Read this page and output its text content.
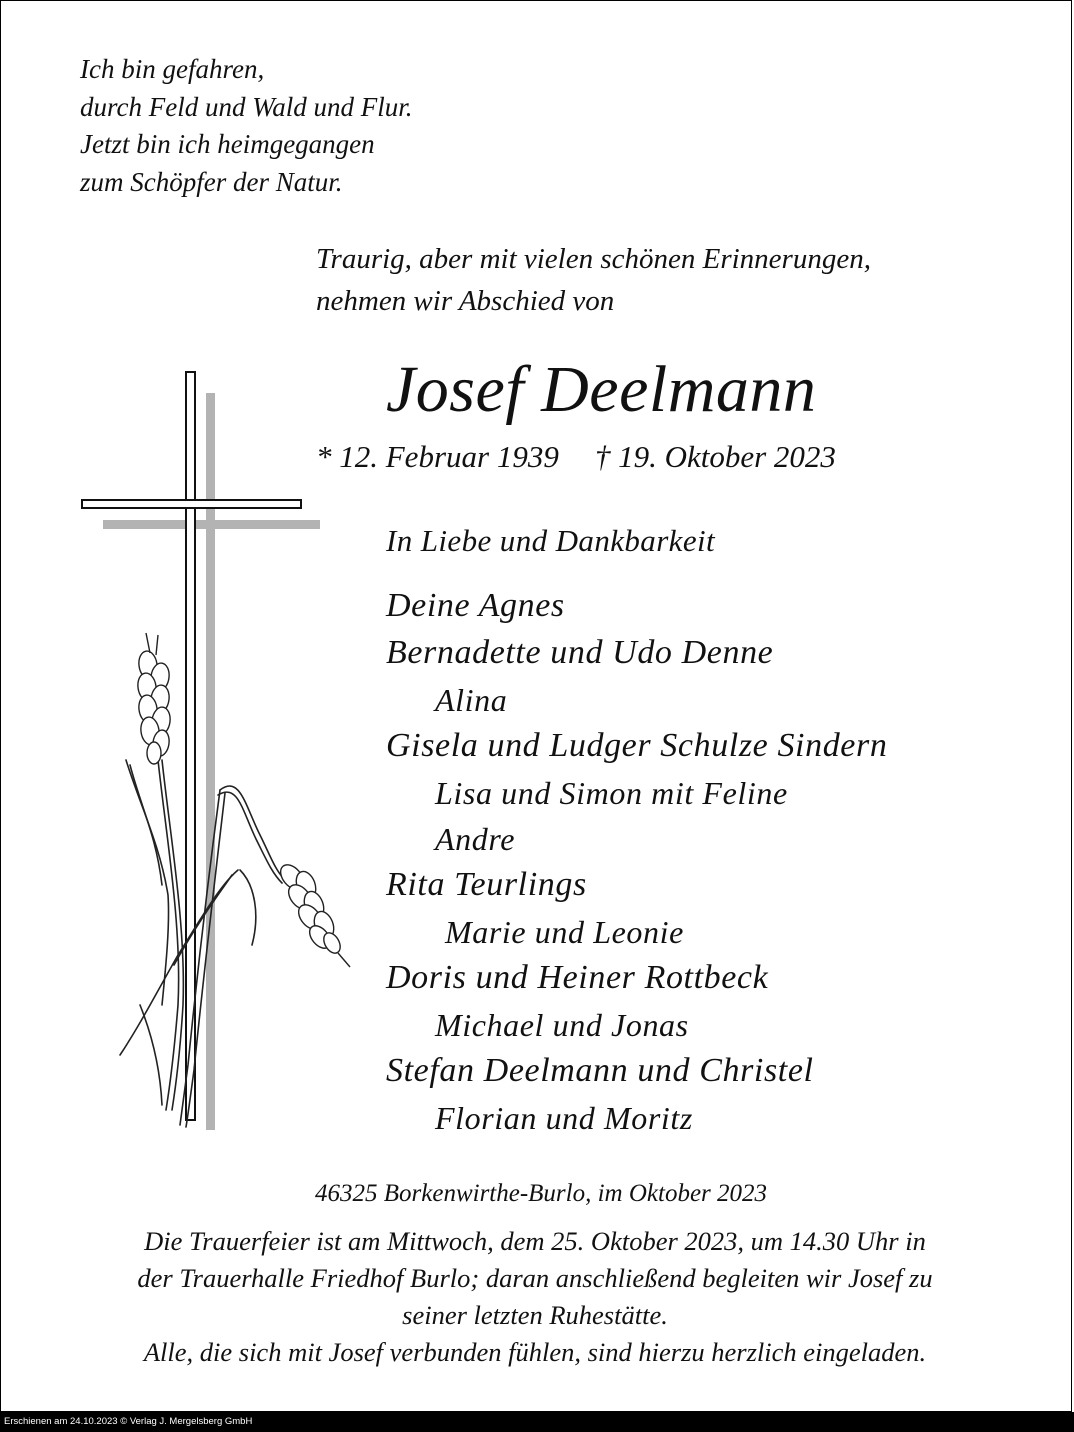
Ich bin gefahren,
durch Feld und Wald und Flur.
Jetzt bin ich heimgegangen
zum Schöpfer der Natur.
Traurig, aber mit vielen schönen Erinnerungen,
nehmen wir Abschied von
Josef Deelmann
* 12. Februar 1939 † 19. Oktober 2023
In Liebe und Dankbarkeit
Deine Agnes
Bernadette und Udo Denne
Alina
Gisela und Ludger Schulze Sindern
Lisa und Simon mit Feline
Andre
Rita Teurlings
Marie und Leonie
Doris und Heiner Rottbeck
Michael und Jonas
Stefan Deelmann und Christel
Florian und Moritz
46325 Borkenwirthe-Burlo, im Oktober 2023
Die Trauerfeier ist am Mittwoch, dem 25. Oktober 2023, um 14.30 Uhr in
der Trauerhalle Friedhof Burlo; daran anschließend begleiten wir Josef zu
seiner letzten Ruhestätte.
Alle, die sich mit Josef verbunden fühlen, sind hierzu herzlich eingeladen.
Erschienen am 24.10.2023 © Verlag J. Mergelsberg GmbH
